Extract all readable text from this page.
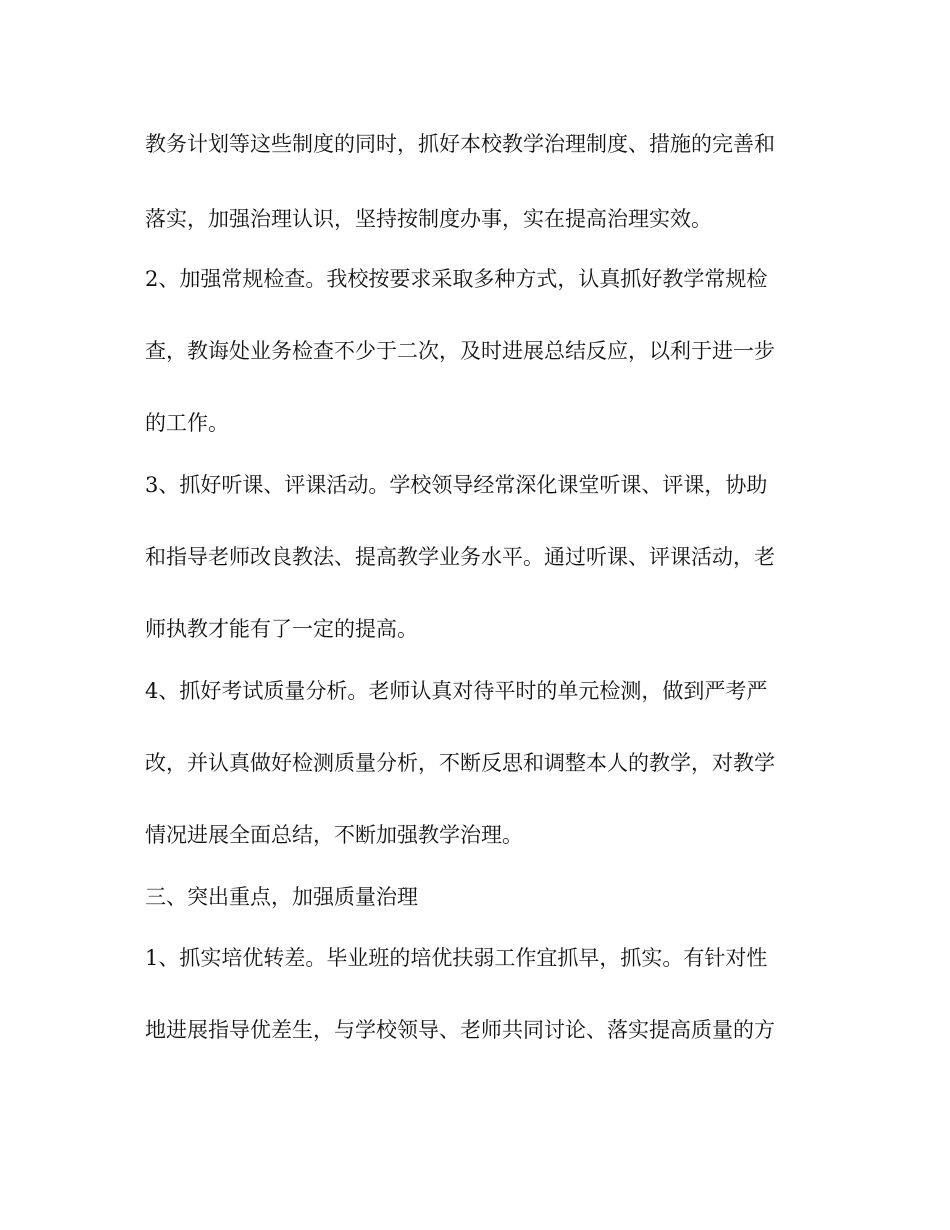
教务计划等这些制度的同时，抓好本校教学治理制度、措施的完善和

落实，加强治理认识，坚持按制度办事，实在提高治理实效。

2、加强常规检查。我校按要求采取多种方式，认真抓好教学常规检

查，教诲处业务检查不少于二次，及时进展总结反应，以利于进一步

的工作。

3、抓好听课、评课活动。学校领导经常深化课堂听课、评课，协助

和指导老师改良教法、提高教学业务水平。通过听课、评课活动，老

师执教才能有了一定的提高。

4、抓好考试质量分析。老师认真对待平时的单元检测，做到严考严

改，并认真做好检测质量分析，不断反思和调整本人的教学，对教学

情况进展全面总结，不断加强教学治理。

三、突出重点，加强质量治理

1、抓实培优转差。毕业班的培优扶弱工作宜抓早，抓实。有针对性

地进展指导优差生，与学校领导、老师共同讨论、落实提高质量的方
